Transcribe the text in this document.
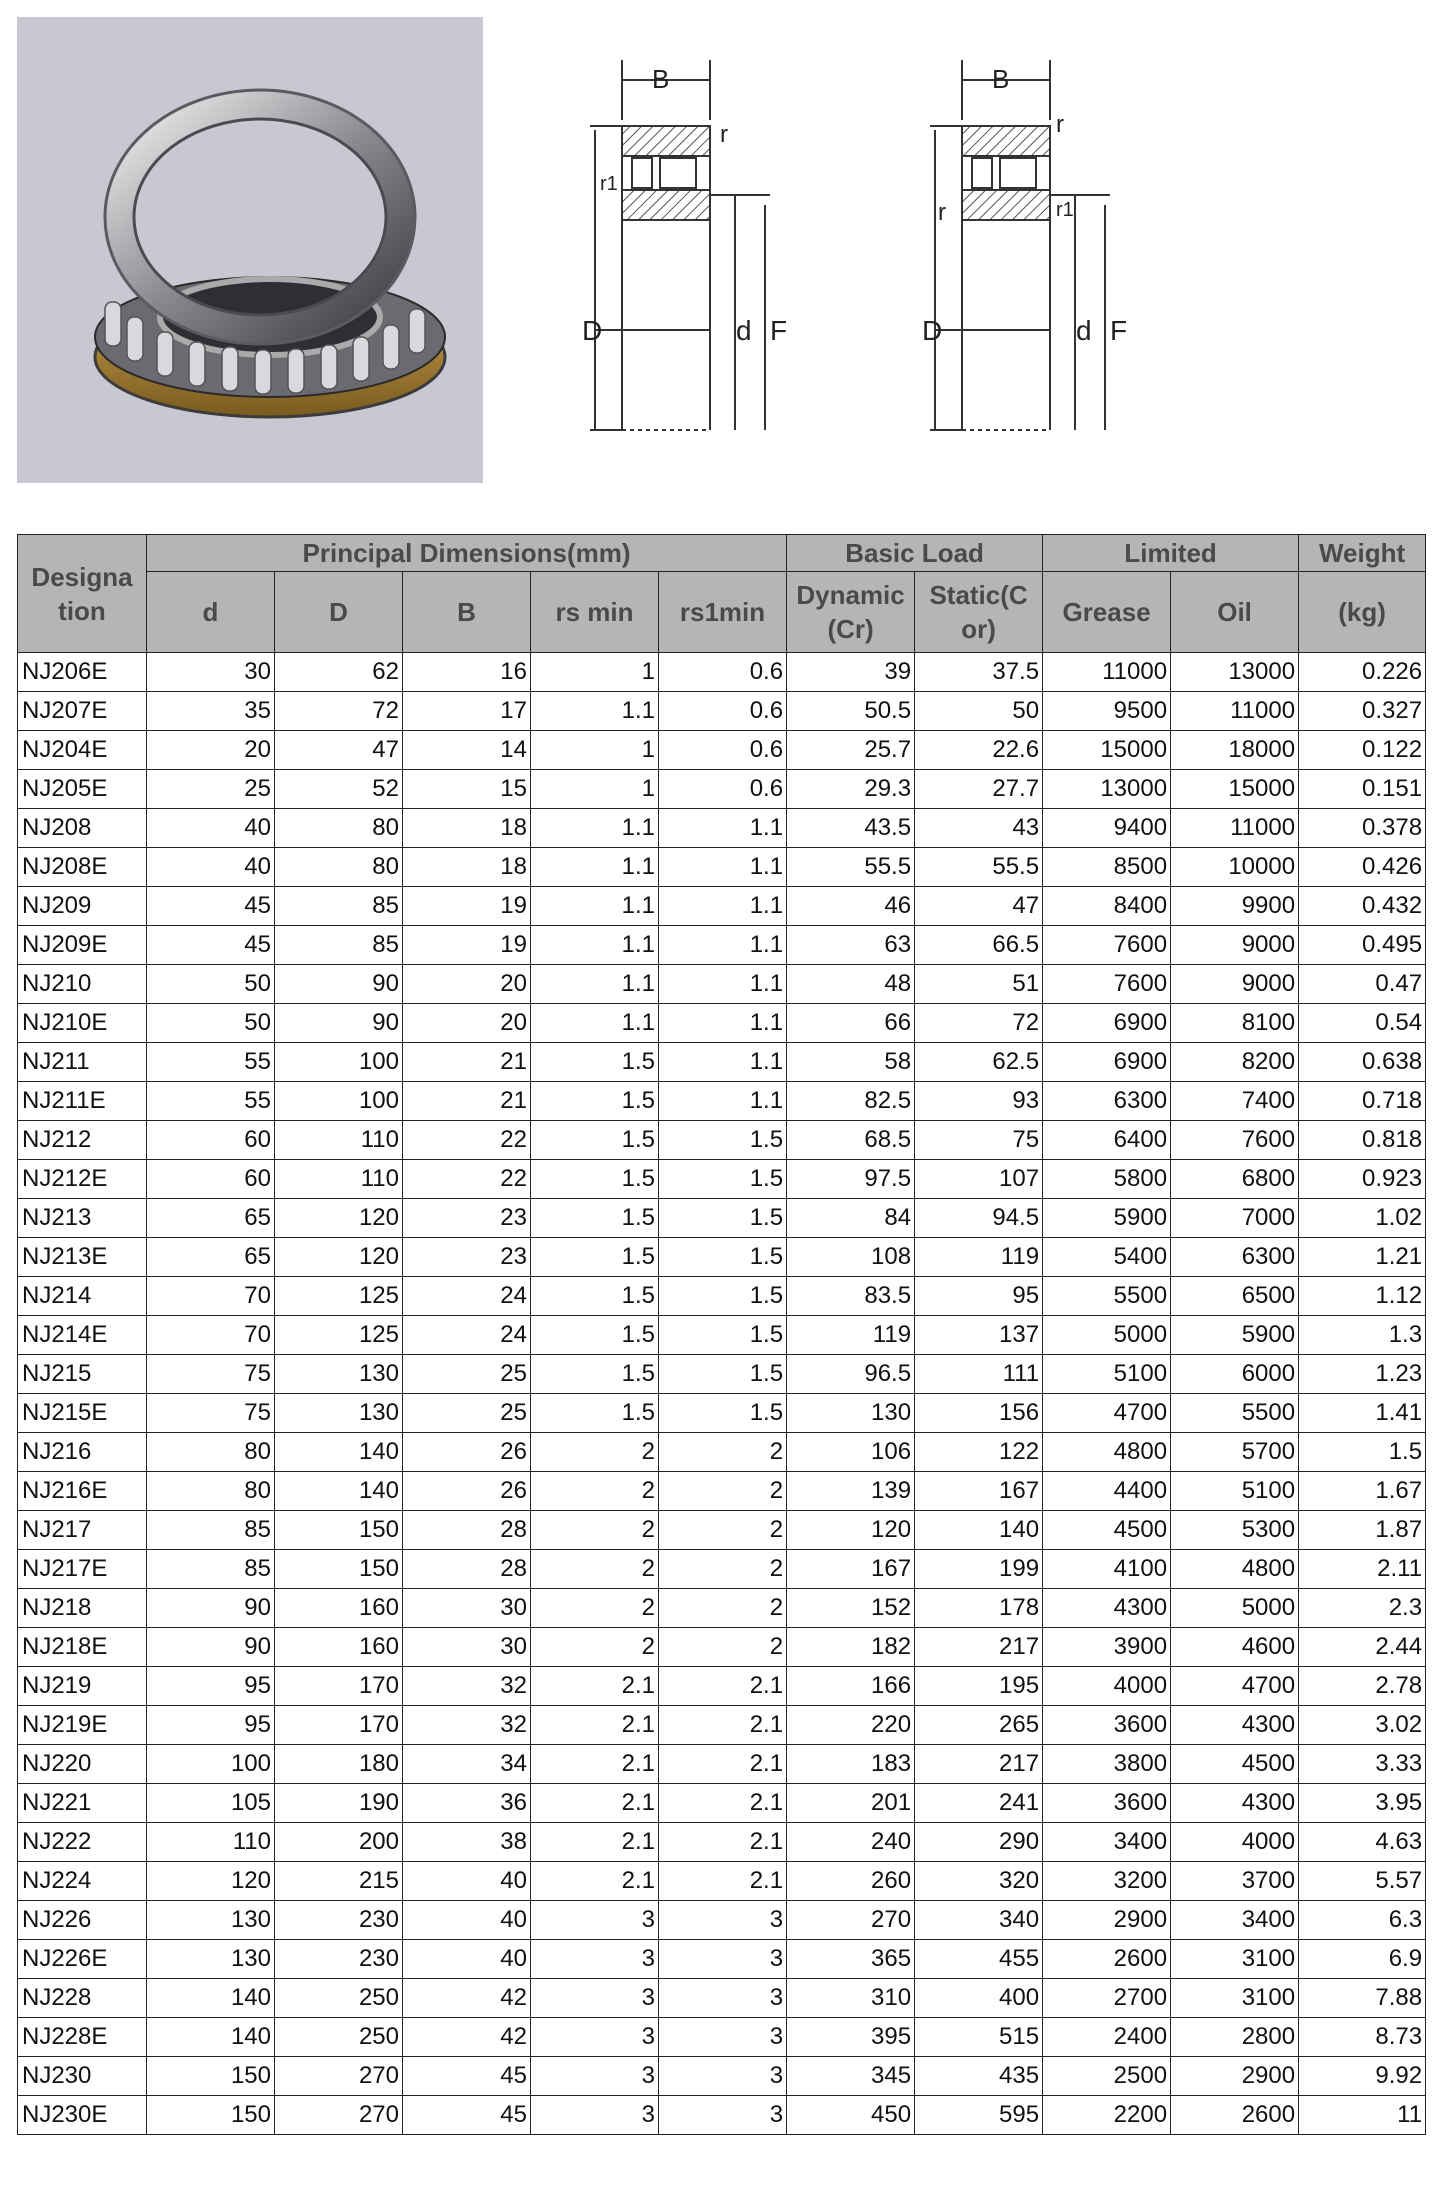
B
r
r1
D	d F
B
r
r	r1
D	d F
Designa tion	Principal Dimensions(mm)					Basic Load		Limited		Weight
	d	D	B	rs min	rs1min	Dynamic (Cr)	Static(C or)	Grease	Oil	(kg)
NJ206E	30	62	16	1	0.6	39	37.5	11000	13000	0.226
NJ207E	35	72	17	1.1	0.6	50.5	50	9500	11000	0.327
NJ204E	20	47	14	1	0.6	25.7	22.6	15000	18000	0.122
NJ205E	25	52	15	1	0.6	29.3	27.7	13000	15000	0.151
NJ208	40	80	18	1.1	1.1	43.5	43	9400	11000	0.378
NJ208E	40	80	18	1.1	1.1	55.5	55.5	8500	10000	0.426
NJ209	45	85	19	1.1	1.1	46	47	8400	9900	0.432
NJ209E	45	85	19	1.1	1.1	63	66.5	7600	9000	0.495
NJ210	50	90	20	1.1	1.1	48	51	7600	9000	0.47
NJ210E	50	90	20	1.1	1.1	66	72	6900	8100	0.54
NJ211	55	100	21	1.5	1.1	58	62.5	6900	8200	0.638
NJ211E	55	100	21	1.5	1.1	82.5	93	6300	7400	0.718
NJ212	60	110	22	1.5	1.5	68.5	75	6400	7600	0.818
NJ212E	60	110	22	1.5	1.5	97.5	107	5800	6800	0.923
NJ213	65	120	23	1.5	1.5	84	94.5	5900	7000	1.02
NJ213E	65	120	23	1.5	1.5	108	119	5400	6300	1.21
NJ214	70	125	24	1.5	1.5	83.5	95	5500	6500	1.12
NJ214E	70	125	24	1.5	1.5	119	137	5000	5900	1.3
NJ215	75	130	25	1.5	1.5	96.5	111	5100	6000	1.23
NJ215E	75	130	25	1.5	1.5	130	156	4700	5500	1.41
NJ216	80	140	26	2	2	106	122	4800	5700	1.5
NJ216E	80	140	26	2	2	139	167	4400	5100	1.67
NJ217	85	150	28	2	2	120	140	4500	5300	1.87
NJ217E	85	150	28	2	2	167	199	4100	4800	2.11
NJ218	90	160	30	2	2	152	178	4300	5000	2.3
NJ218E	90	160	30	2	2	182	217	3900	4600	2.44
NJ219	95	170	32	2.1	2.1	166	195	4000	4700	2.78
NJ219E	95	170	32	2.1	2.1	220	265	3600	4300	3.02
NJ220	100	180	34	2.1	2.1	183	217	3800	4500	3.33
NJ221	105	190	36	2.1	2.1	201	241	3600	4300	3.95
NJ222	110	200	38	2.1	2.1	240	290	3400	4000	4.63
NJ224	120	215	40	2.1	2.1	260	320	3200	3700	5.57
NJ226	130	230	40	3	3	270	340	2900	3400	6.3
NJ226E	130	230	40	3	3	365	455	2600	3100	6.9
NJ228	140	250	42	3	3	310	400	2700	3100	7.88
NJ228E	140	250	42	3	3	395	515	2400	2800	8.73
NJ230	150	270	45	3	3	345	435	2500	2900	9.92
NJ230E	150	270	45	3	3	450	595	2200	2600	11
